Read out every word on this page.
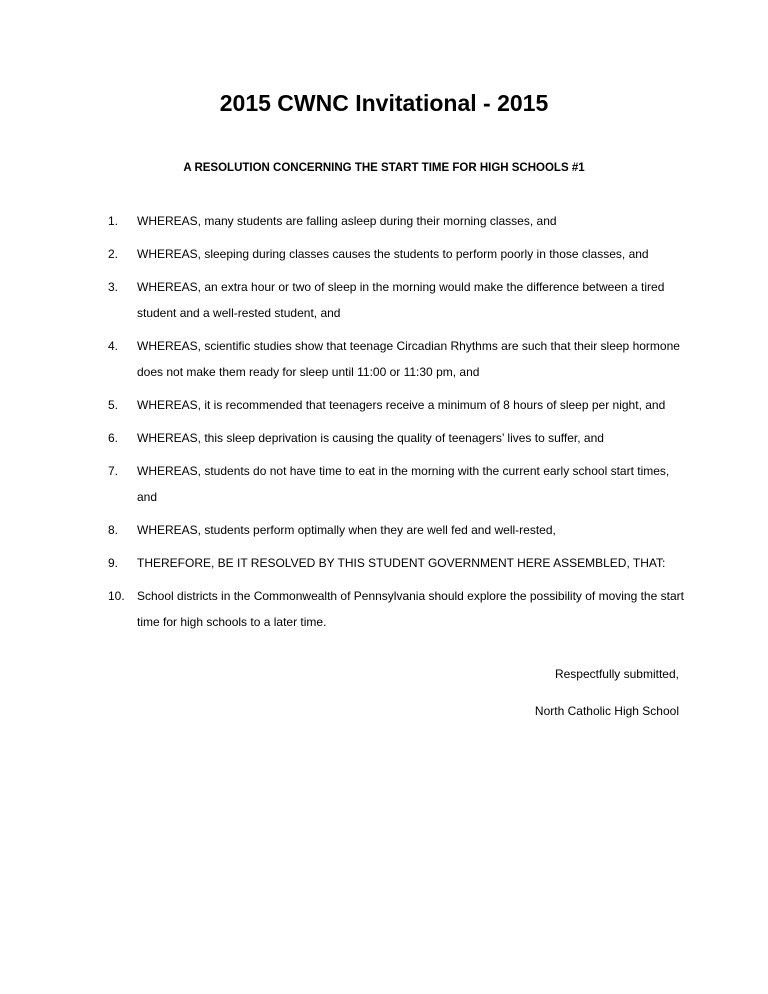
2015 CWNC Invitational - 2015

A RESOLUTION CONCERNING THE START TIME FOR HIGH SCHOOLS #1

1. WHEREAS, many students are falling asleep during their morning classes, and
2. WHEREAS, sleeping during classes causes the students to perform poorly in those classes, and
3. WHEREAS, an extra hour or two of sleep in the morning would make the difference between a tired student and a well-rested student, and
4. WHEREAS, scientific studies show that teenage Circadian Rhythms are such that their sleep hormone does not make them ready for sleep until 11:00 or 11:30 pm, and
5. WHEREAS, it is recommended that teenagers receive a minimum of 8 hours of sleep per night, and
6. WHEREAS, this sleep deprivation is causing the quality of teenagers’ lives to suffer, and
7. WHEREAS, students do not have time to eat in the morning with the current early school start times, and
8. WHEREAS, students perform optimally when they are well fed and well-rested,
9. THEREFORE, BE IT RESOLVED BY THIS STUDENT GOVERNMENT HERE ASSEMBLED, THAT:
10. School districts in the Commonwealth of Pennsylvania should explore the possibility of moving the start time for high schools to a later time.

Respectfully submitted,

North Catholic High School
